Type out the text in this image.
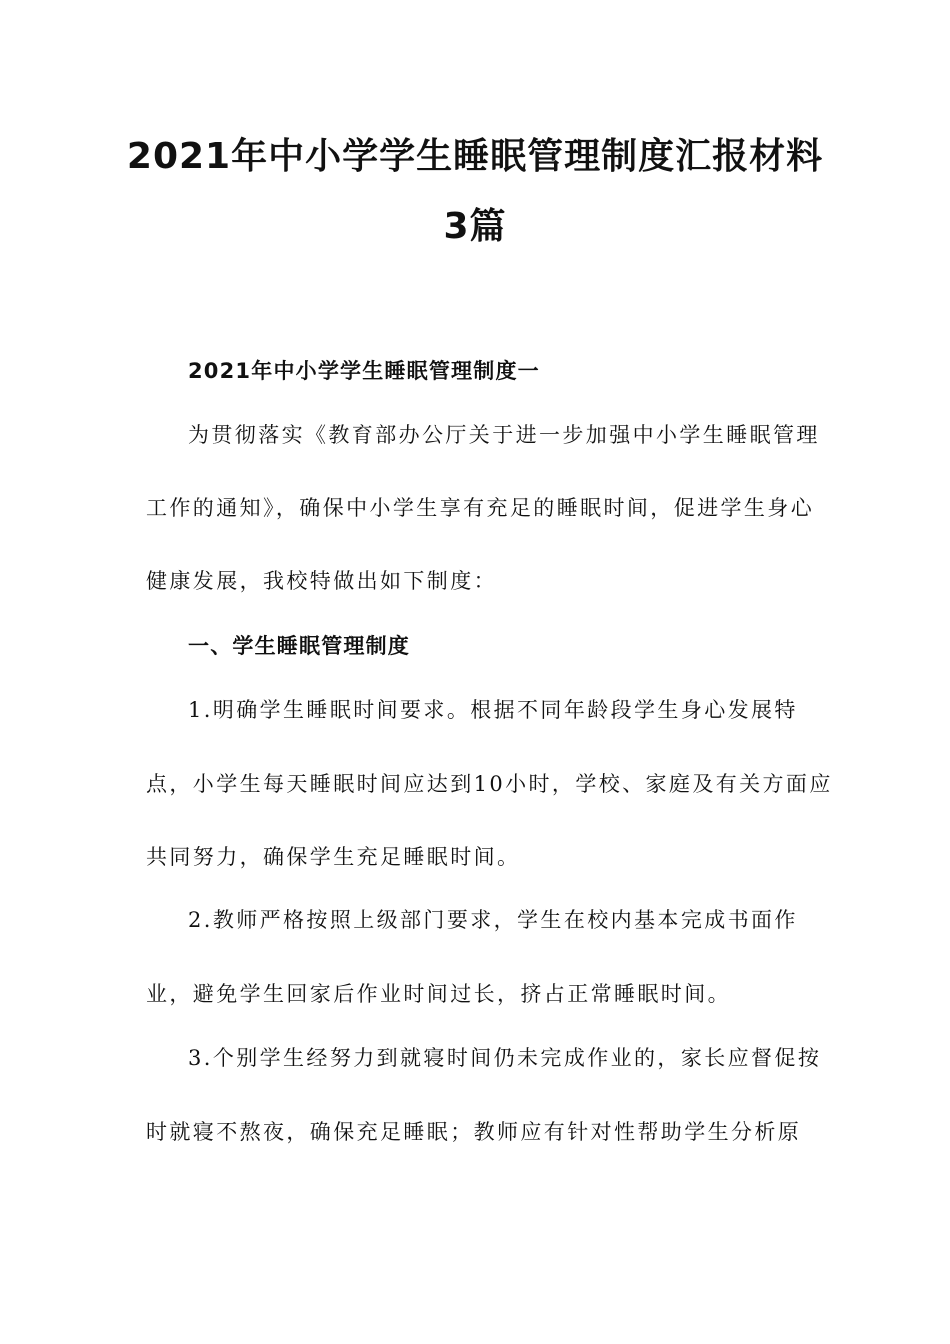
2021年中小学学生睡眠管理制度汇报材料
3篇
2021年中小学学生睡眠管理制度一
为贯彻落实《教育部办公厅关于进一步加强中小学生睡眠管理
工作的通知》，确保中小学生享有充足的睡眠时间，促进学生身心
健康发展，我校特做出如下制度：
一、学生睡眠管理制度
1.明确学生睡眠时间要求。根据不同年龄段学生身心发展特
点，小学生每天睡眠时间应达到10小时，学校、家庭及有关方面应
共同努力，确保学生充足睡眠时间。
2.教师严格按照上级部门要求，学生在校内基本完成书面作
业，避免学生回家后作业时间过长，挤占正常睡眠时间。
3.个别学生经努力到就寝时间仍未完成作业的，家长应督促按
时就寝不熬夜，确保充足睡眠；教师应有针对性帮助学生分析原
